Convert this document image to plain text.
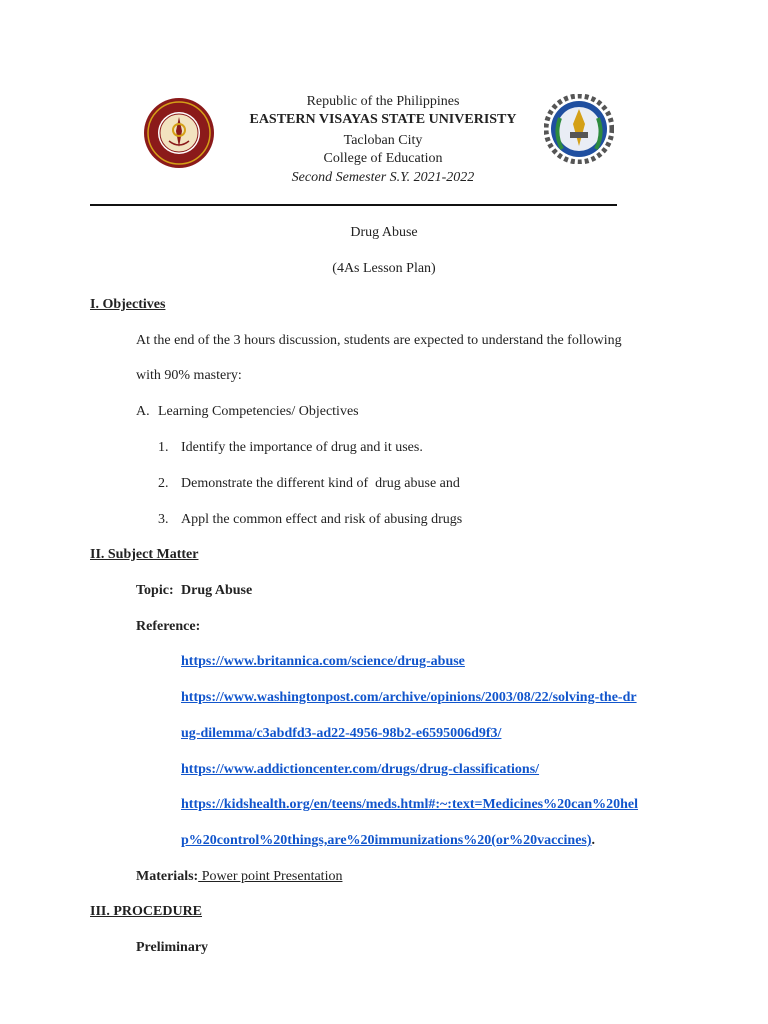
Republic of the Philippines
EASTERN VISAYAS STATE UNIVERISTY
Tacloban City
College of Education
Second Semester S.Y. 2021-2022
Drug Abuse
(4As Lesson Plan)
I. Objectives
At the end of the 3 hours discussion, students are expected to understand the following
with 90% mastery:
A. Learning Competencies/ Objectives
1. Identify the importance of drug and it uses.
2. Demonstrate the different kind of  drug abuse and
3. Appl the common effect and risk of abusing drugs
II. Subject Matter
Topic: Drug Abuse
Reference:
https://www.britannica.com/science/drug-abuse
https://www.washingtonpost.com/archive/opinions/2003/08/22/solving-the-dr
ug-dilemma/c3abdfd3-ad22-4956-98b2-e6595006d9f3/
https://www.addictioncenter.com/drugs/drug-classifications/
https://kidshealth.org/en/teens/meds.html#:~:text=Medicines%20can%20hel
p%20control%20things,are%20immunizations%20(or%20vaccines).
Materials: Power point Presentation
III. PROCEDURE
Preliminary
